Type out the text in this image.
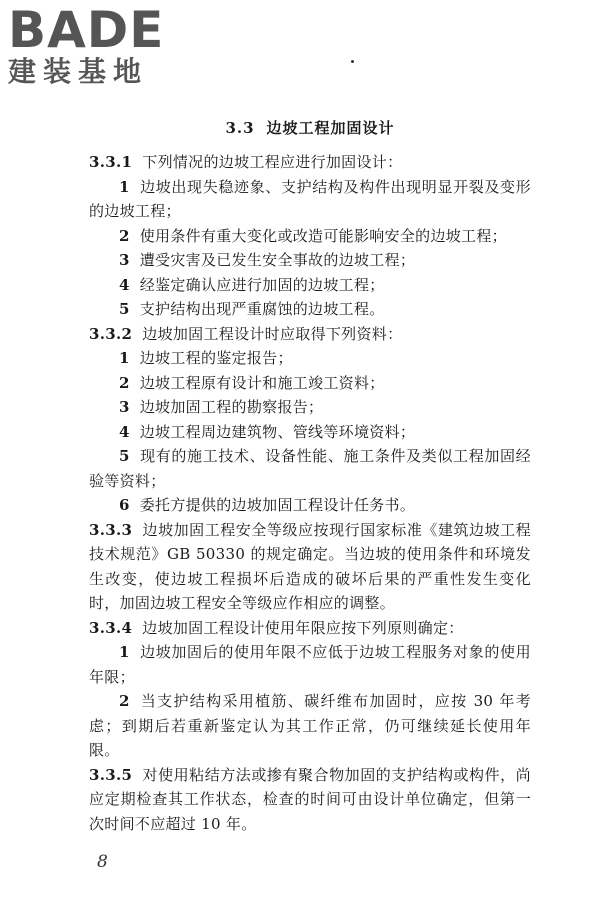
BADE
建装基地
3.3 边坡工程加固设计

3.3.1 下列情况的边坡工程应进行加固设计：

1 边坡出现失稳迹象、支护结构及构件出现明显开裂及变形的边坡工程；

2 使用条件有重大变化或改造可能影响安全的边坡工程；

3 遭受灾害及已发生安全事故的边坡工程；

4 经鉴定确认应进行加固的边坡工程；

5 支护结构出现严重腐蚀的边坡工程。

3.3.2 边坡加固工程设计时应取得下列资料：

1 边坡工程的鉴定报告；

2 边坡工程原有设计和施工竣工资料；

3 边坡加固工程的勘察报告；

4 边坡工程周边建筑物、管线等环境资料；

5 现有的施工技术、设备性能、施工条件及类似工程加固经验等资料；

6 委托方提供的边坡加固工程设计任务书。

3.3.3 边坡加固工程安全等级应按现行国家标准《建筑边坡工程技术规范》GB 50330 的规定确定。当边坡的使用条件和环境发生改变，使边坡工程损坏后造成的破坏后果的严重性发生变化时，加固边坡工程安全等级应作相应的调整。

3.3.4 边坡加固工程设计使用年限应按下列原则确定：

1 边坡加固后的使用年限不应低于边坡工程服务对象的使用年限；

2 当支护结构采用植筋、碳纤维布加固时，应按 30 年考虑；到期后若重新鉴定认为其工作正常，仍可继续延长使用年限。

3.3.5 对使用粘结方法或掺有聚合物加固的支护结构或构件，尚应定期检查其工作状态，检查的时间可由设计单位确定，但第一次时间不应超过 10 年。

8
